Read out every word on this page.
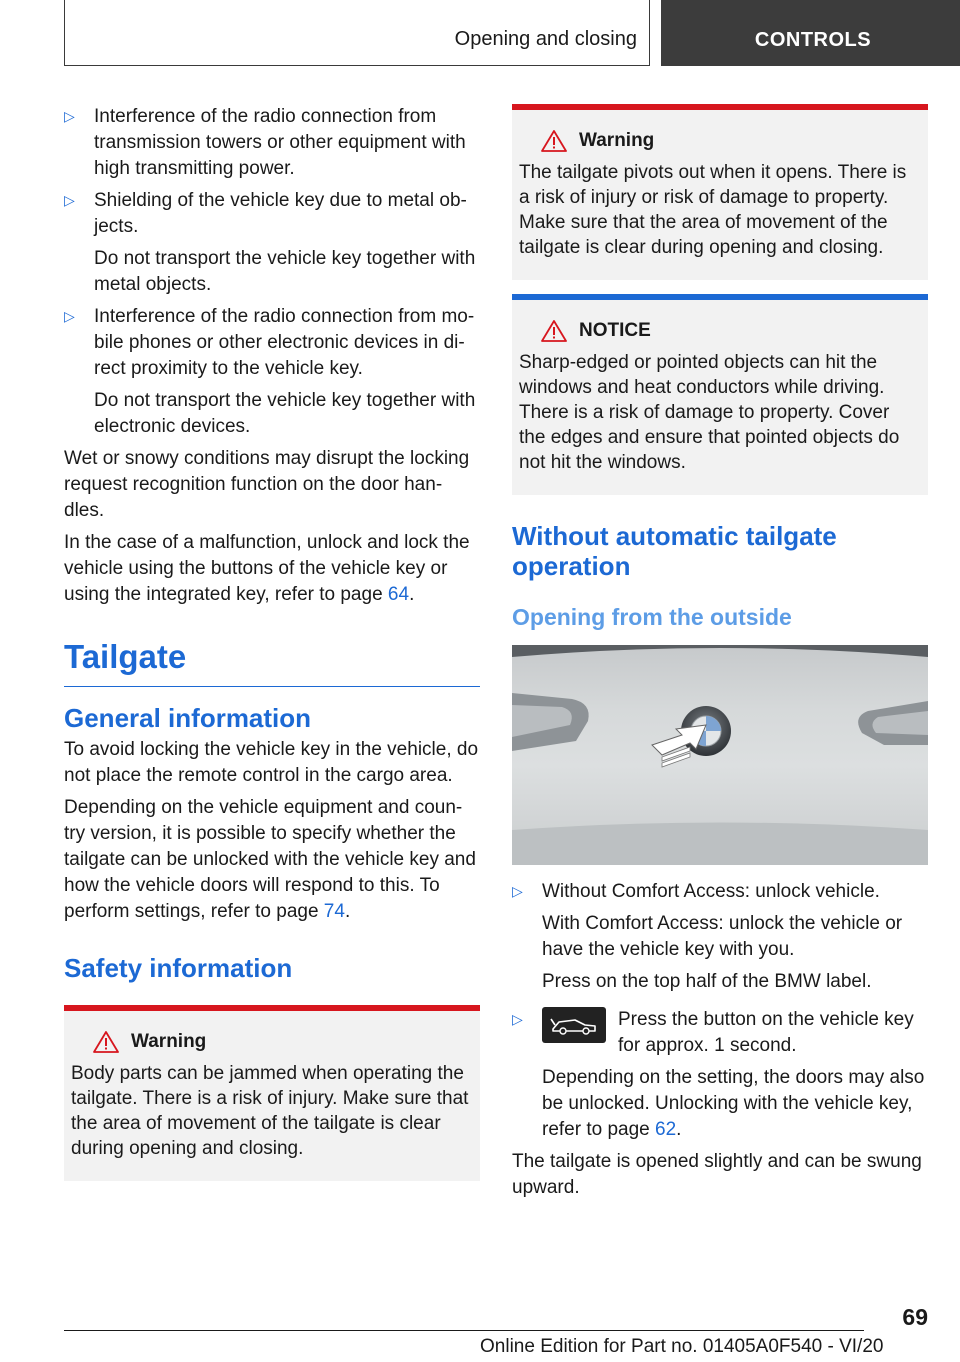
Opening and closing	CONTROLS
▷ Interference of the radio connection from transmission towers or other equipment with high transmitting power.

▷ Shielding of the vehicle key due to metal ob-jects.

Do not transport the vehicle key together with metal objects.

▷ Interference of the radio connection from mo-bile phones or other electronic devices in di-rect proximity to the vehicle key.

Do not transport the vehicle key together with electronic devices.

Wet or snowy conditions may disrupt the locking request recognition function on the door han-dles.

In the case of a malfunction, unlock and lock the vehicle using the buttons of the vehicle key or using the integrated key, refer to page 64.

Tailgate
General information

To avoid locking the vehicle key in the vehicle, do not place the remote control in the cargo area.

Depending on the vehicle equipment and coun-try version, it is possible to specify whether the tailgate can be unlocked with the vehicle key and how the vehicle doors will respond to this. To perform settings, refer to page 74.

Safety information
Warning

Body parts can be jammed when operating the tailgate. There is a risk of injury. Make sure that the area of movement of the tailgate is clear during opening and closing.

Warning

The tailgate pivots out when it opens. There is a risk of injury or risk of damage to property. Make sure that the area of movement of the tailgate is clear during opening and closing.

NOTICE

Sharp-edged or pointed objects can hit the windows and heat conductors while driving. There is a risk of damage to property. Cover the edges and ensure that pointed objects do not hit the windows.

Without automatic tailgate operation
Opening from the outside
▷ Without Comfort Access: unlock vehicle.

With Comfort Access: unlock the vehicle or have the vehicle key with you.

Press on the top half of the BMW label.

▷	Press the button on the vehicle key for approx. 1 second.

Depending on the setting, the doors may also be unlocked. Unlocking with the vehicle key, refer to page 62.

The tailgate is opened slightly and can be swung upward.

69
Online Edition for Part no. 01405A0F540 - VI/20
